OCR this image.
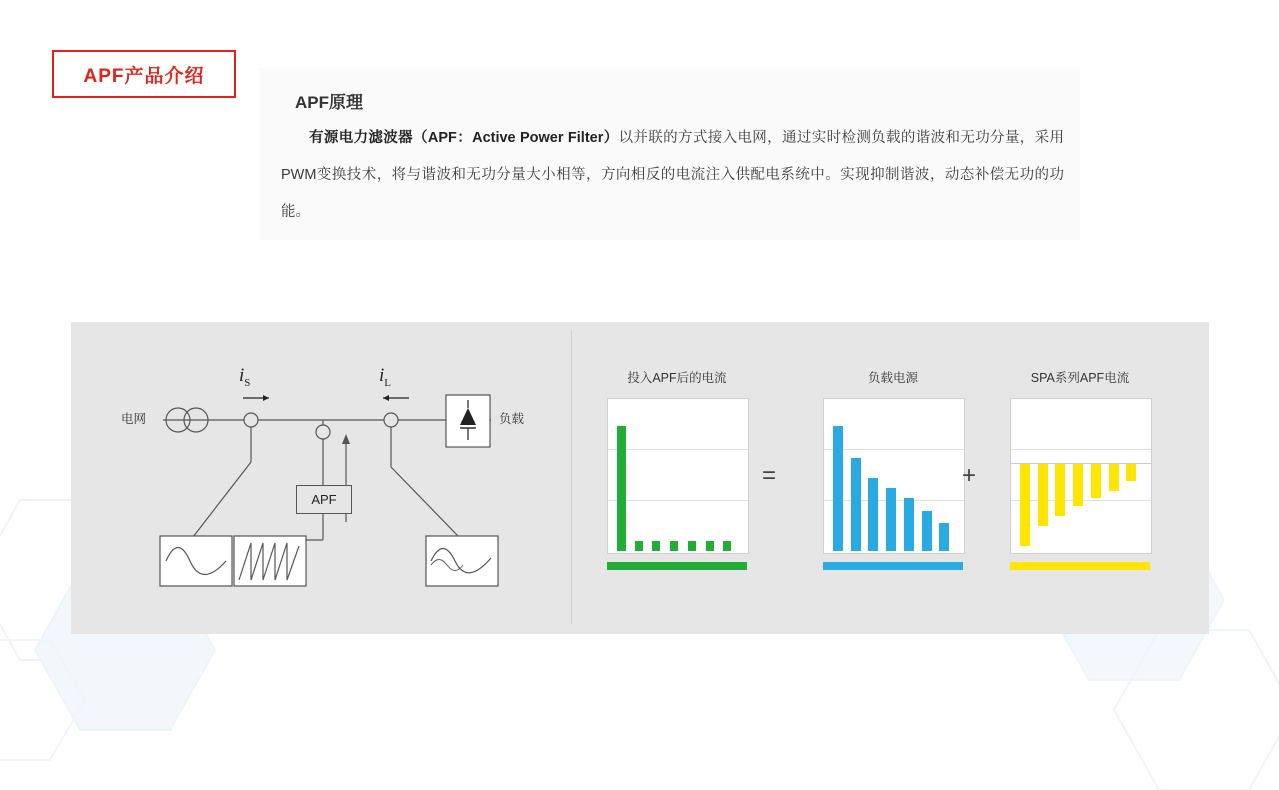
APF产品介绍
APF原理
有源电力滤波器（APF：Active Power Filter）以并联的方式接入电网，通过实时检测负载的谐波和无功分量，采用PWM变换技术，将与谐波和无功分量大小相等，方向相反的电流注入供配电系统中。实现抑制谐波，动态补偿无功的功能。
电网	负载
APF
$i_S$	$i_L$	投入APF后的电流	负载电源	SPA系列APF电流
=	+
